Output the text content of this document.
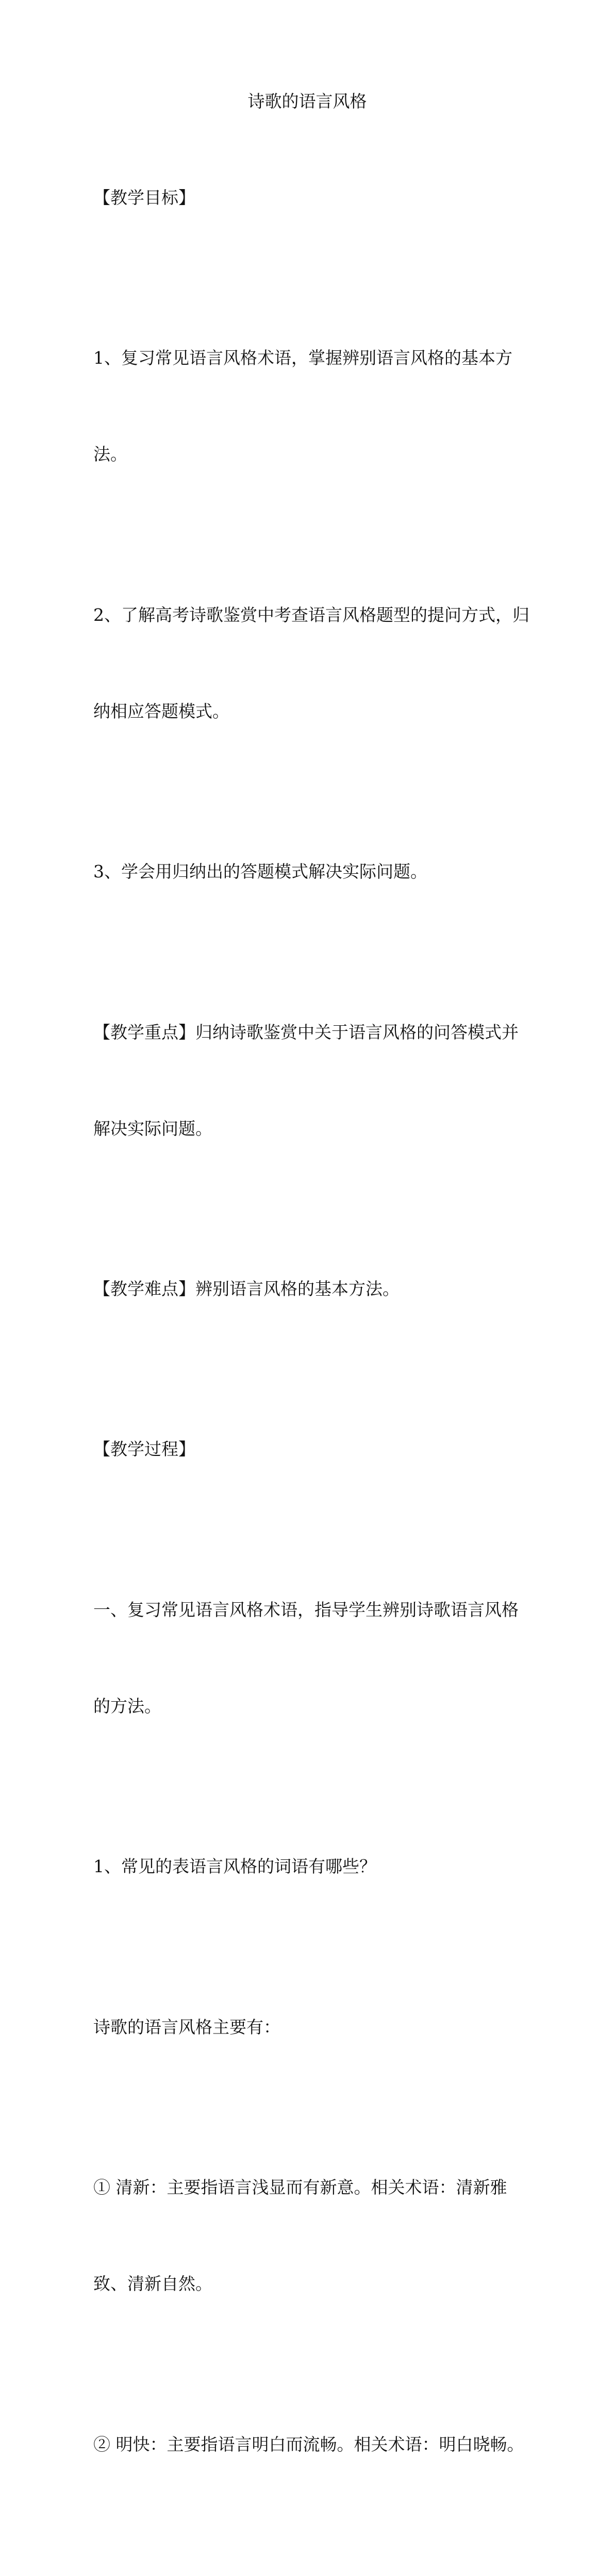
诗歌的语言风格

【教学目标】

1、复习常见语言风格术语，掌握辨别语言风格的基本方

法。

2、了解高考诗歌鉴赏中考查语言风格题型的提问方式，归

纳相应答题模式。

3、学会用归纳出的答题模式解决实际问题。

【教学重点】归纳诗歌鉴赏中关于语言风格的问答模式并

解决实际问题。

【教学难点】辨别语言风格的基本方法。

【教学过程】

一、复习常见语言风格术语，指导学生辨别诗歌语言风格

的方法。

1、常见的表语言风格的词语有哪些？

诗歌的语言风格主要有：

① 清新：主要指语言浅显而有新意。相关术语：清新雅

致、清新自然。

② 明快：主要指语言明白而流畅。相关术语：明白晓畅。
